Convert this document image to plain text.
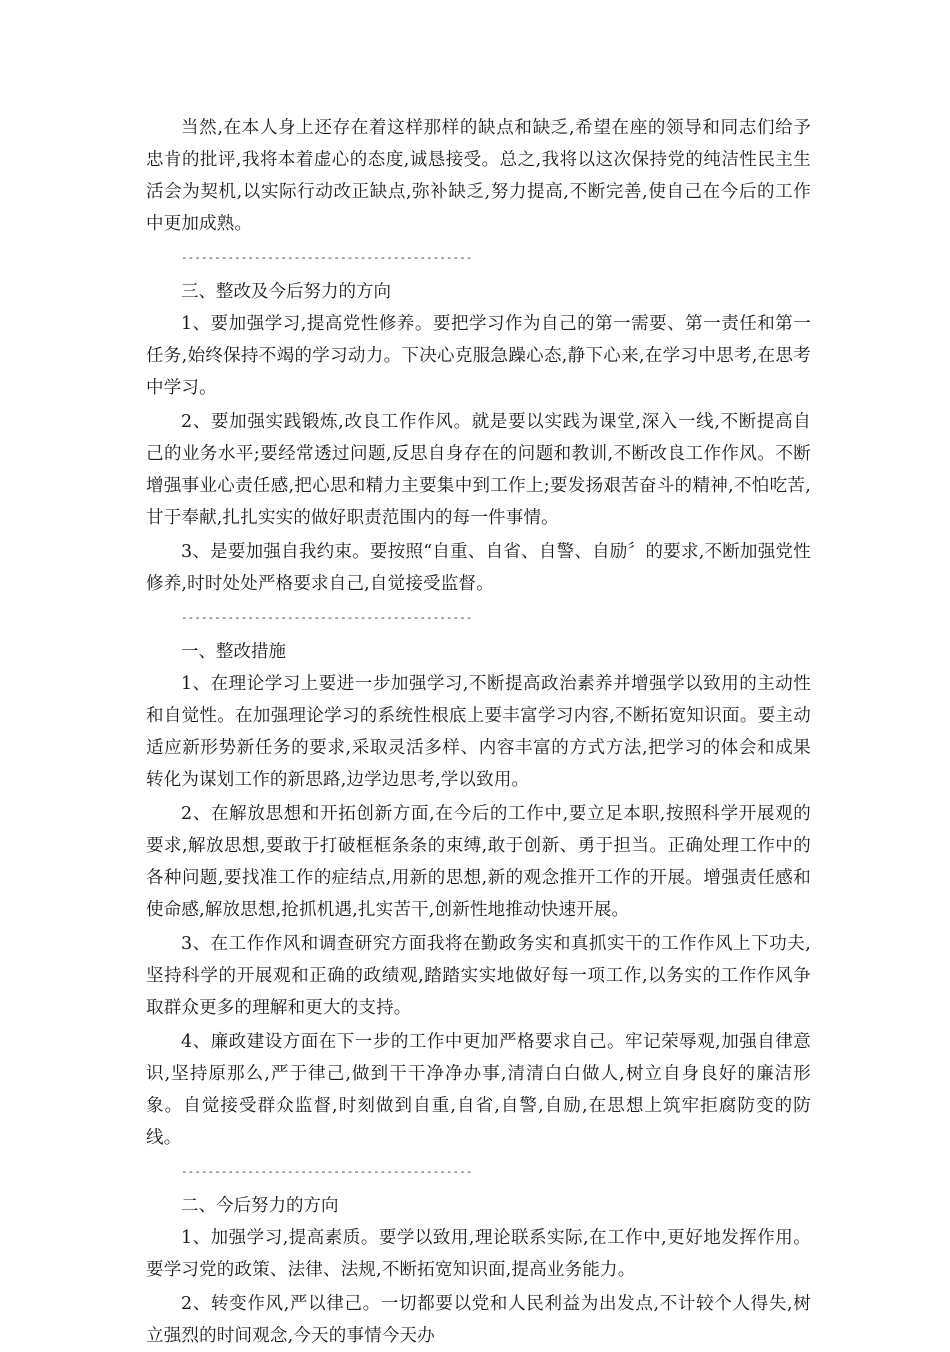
当然,在本人身上还存在着这样那样的缺点和缺乏,希望在座的领导和同志们给予忠肯的批评,我将本着虚心的态度,诚恳接受。总之,我将以这次保持党的纯洁性民主生活会为契机,以实际行动改正缺点,弥补缺乏,努力提高,不断完善,使自己在今后的工作中更加成熟。

--------------------------------------------

三、整改及今后努力的方向

1、要加强学习,提高党性修养。要把学习作为自己的第一需要、第一责任和第一任务,始终保持不竭的学习动力。下决心克服急躁心态,静下心来,在学习中思考,在思考中学习。

2、要加强实践锻炼,改良工作作风。就是要以实践为课堂,深入一线,不断提高自己的业务水平;要经常透过问题,反思自身存在的问题和教训,不断改良工作作风。不断增强事业心责任感,把心思和精力主要集中到工作上;要发扬艰苦奋斗的精神,不怕吃苦,甘于奉献,扎扎实实的做好职责范围内的每一件事情。

3、是要加强自我约束。要按照“自重、自省、自警、自励〞的要求,不断加强党性修养,时时处处严格要求自己,自觉接受监督。

--------------------------------------------

一、整改措施

1、在理论学习上要进一步加强学习,不断提高政治素养并增强学以致用的主动性和自觉性。在加强理论学习的系统性根底上要丰富学习内容,不断拓宽知识面。要主动适应新形势新任务的要求,采取灵活多样、内容丰富的方式方法,把学习的体会和成果转化为谋划工作的新思路,边学边思考,学以致用。

2、在解放思想和开拓创新方面,在今后的工作中,要立足本职,按照科学开展观的要求,解放思想,要敢于打破框框条条的束缚,敢于创新、勇于担当。正确处理工作中的各种问题,要找准工作的症结点,用新的思想,新的观念推开工作的开展。增强责任感和使命感,解放思想,抢抓机遇,扎实苦干,创新性地推动快速开展。

3、在工作作风和调查研究方面我将在勤政务实和真抓实干的工作作风上下功夫,坚持科学的开展观和正确的政绩观,踏踏实实地做好每一项工作,以务实的工作作风争取群众更多的理解和更大的支持。

4、廉政建设方面在下一步的工作中更加严格要求自己。牢记荣辱观,加强自律意识,坚持原那么,严于律己,做到干干净净办事,清清白白做人,树立自身良好的廉洁形象。自觉接受群众监督,时刻做到自重,自省,自警,自励,在思想上筑牢拒腐防变的防线。

--------------------------------------------

二、今后努力的方向

1、加强学习,提高素质。要学以致用,理论联系实际,在工作中,更好地发挥作用。要学习党的政策、法律、法规,不断拓宽知识面,提高业务能力。

2、转变作风,严以律己。一切都要以党和人民利益为出发点,不计较个人得失,树立强烈的时间观念,今天的事情今天办
